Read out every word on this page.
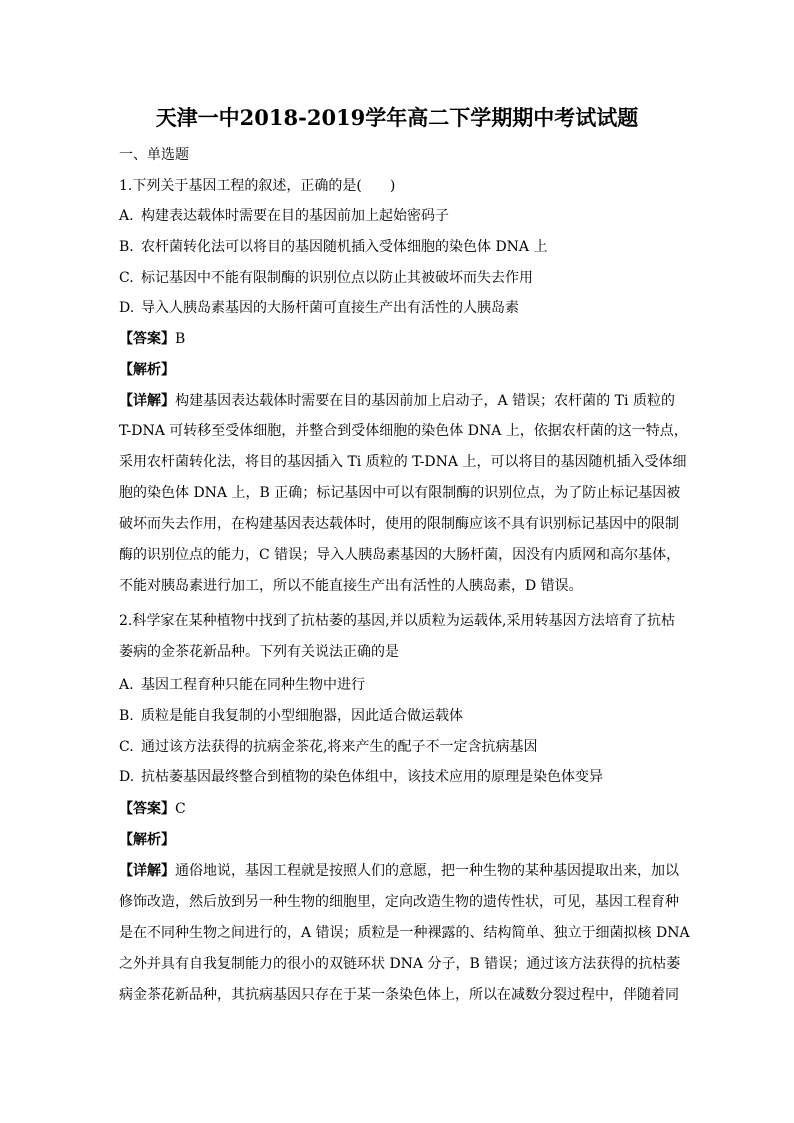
天津一中2018-2019学年高二下学期期中考试试题
一、单选题
1.下列关于基因工程的叙述，正确的是(　　)
A. 构建表达载体时需要在目的基因前加上起始密码子
B. 农杆菌转化法可以将目的基因随机插入受体细胞的染色体 DNA 上
C. 标记基因中不能有限制酶的识别位点以防止其被破坏而失去作用
D. 导入人胰岛素基因的大肠杆菌可直接生产出有活性的人胰岛素
【答案】B
【解析】
【详解】构建基因表达载体时需要在目的基因前加上启动子，A 错误；农杆菌的 Ti 质粒的
T-DNA 可转移至受体细胞，并整合到受体细胞的染色体 DNA 上，依据农杆菌的这一特点，
采用农杆菌转化法，将目的基因插入 Ti 质粒的 T-DNA 上，可以将目的基因随机插入受体细
胞的染色体 DNA 上，B 正确；标记基因中可以有限制酶的识别位点，为了防止标记基因被
破坏而失去作用，在构建基因表达载体时，使用的限制酶应该不具有识别标记基因中的限制
酶的识别位点的能力，C 错误；导入人胰岛素基因的大肠杆菌，因没有内质网和高尔基体，
不能对胰岛素进行加工，所以不能直接生产出有活性的人胰岛素，D 错误。
2.科学家在某种植物中找到了抗枯萎的基因,并以质粒为运载体,采用转基因方法培育了抗枯
萎病的金茶花新品种。下列有关说法正确的是
A. 基因工程育种只能在同种生物中进行
B. 质粒是能自我复制的小型细胞器，因此适合做运载体
C. 通过该方法获得的抗病金茶花,将来产生的配子不一定含抗病基因
D. 抗枯萎基因最终整合到植物的染色体组中，该技术应用的原理是染色体变异
【答案】C
【解析】
【详解】通俗地说，基因工程就是按照人们的意愿，把一种生物的某种基因提取出来，加以
修饰改造，然后放到另一种生物的细胞里，定向改造生物的遗传性状，可见，基因工程育种
是在不同种生物之间进行的，A 错误；质粒是一种裸露的、结构简单、独立于细菌拟核 DNA
之外并具有自我复制能力的很小的双链环状 DNA 分子，B 错误；通过该方法获得的抗枯萎
病金茶花新品种，其抗病基因只存在于某一条染色体上，所以在减数分裂过程中，伴随着同
